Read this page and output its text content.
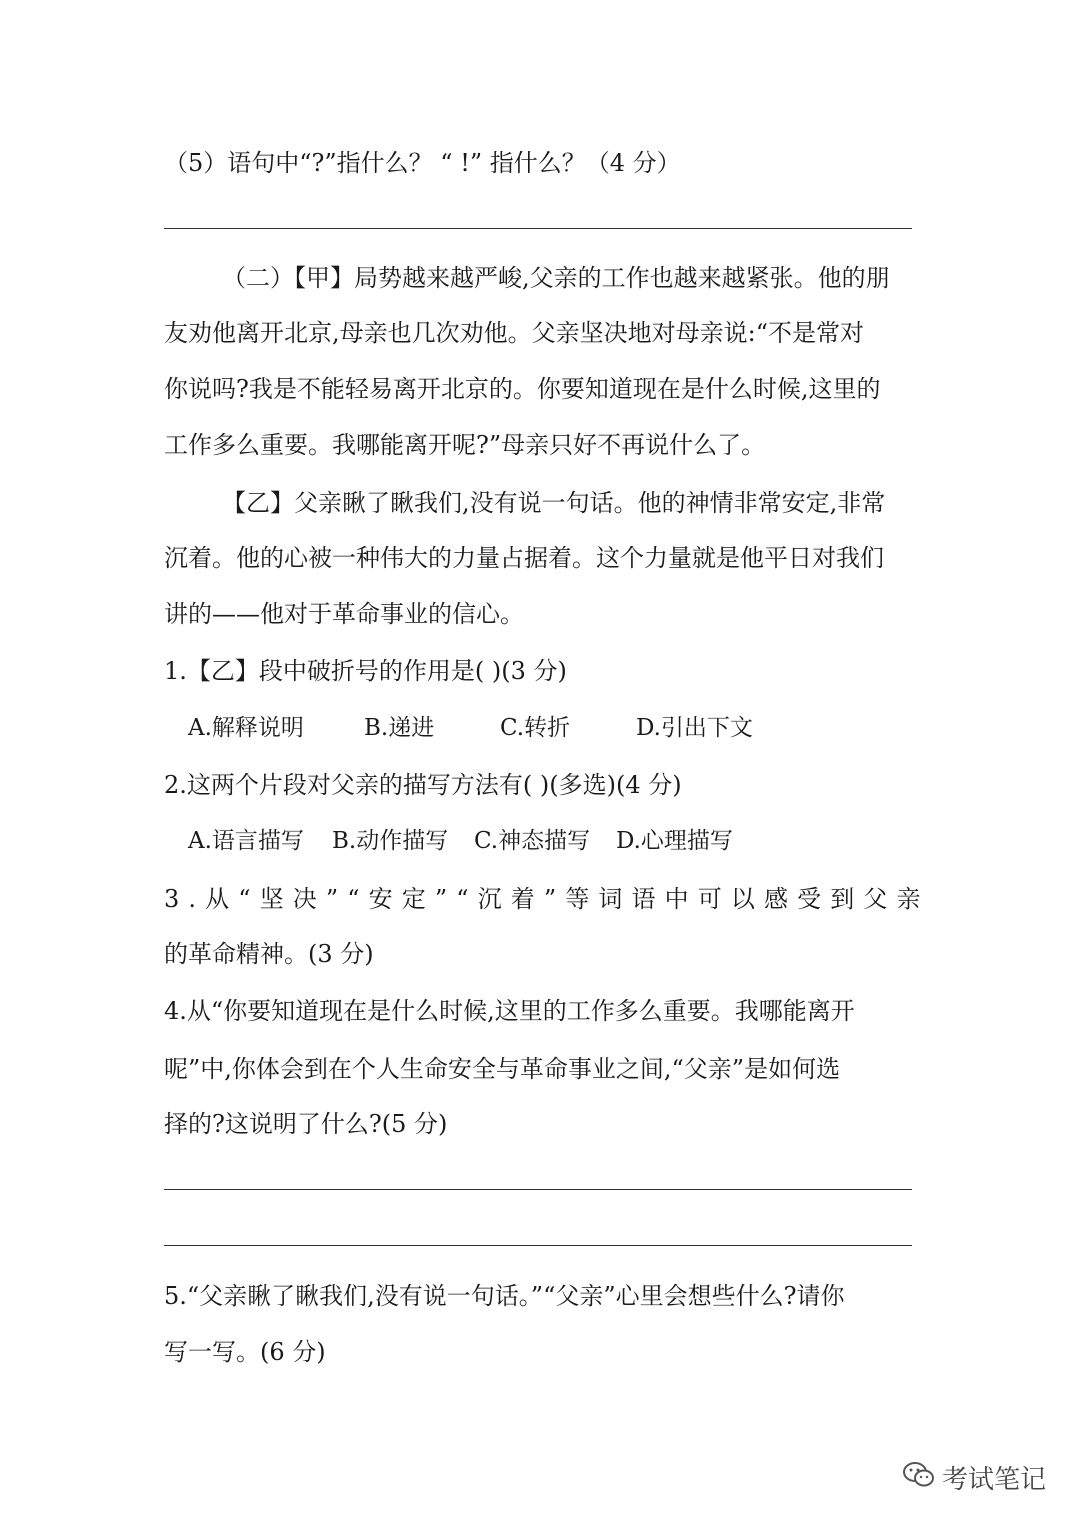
（5）语句中“?”指什么？ “ !” 指什么？（4 分）
（二）【甲】局势越来越严峻,父亲的工作也越来越紧张。他的朋
友劝他离开北京,母亲也几次劝他。父亲坚决地对母亲说:“不是常对
你说吗?我是不能轻易离开北京的。你要知道现在是什么时候,这里的
工作多么重要。我哪能离开呢?”母亲只好不再说什么了。
【乙】父亲瞅了瞅我们,没有说一句话。他的神情非常安定,非常
沉着。他的心被一种伟大的力量占据着。这个力量就是他平日对我们
讲的——他对于革命事业的信心。
1.【乙】段中破折号的作用是( )(3 分)
A.解释说明	B.递进	C.转折	D.引出下文
2.这两个片段对父亲的描写方法有( )(多选)(4 分)
A.语言描写 B.动作描写 C.神态描写 D.心理描写
3.从“坚决”“安定”“沉着”等词语中可以感受到父亲
的革命精神。(3 分)
4.从“你要知道现在是什么时候,这里的工作多么重要。我哪能离开
呢”中,你体会到在个人生命安全与革命事业之间,“父亲”是如何选
择的?这说明了什么?(5 分)
5.“父亲瞅了瞅我们,没有说一句话。”“父亲”心里会想些什么?请你
写一写。(6 分)
考试笔记
